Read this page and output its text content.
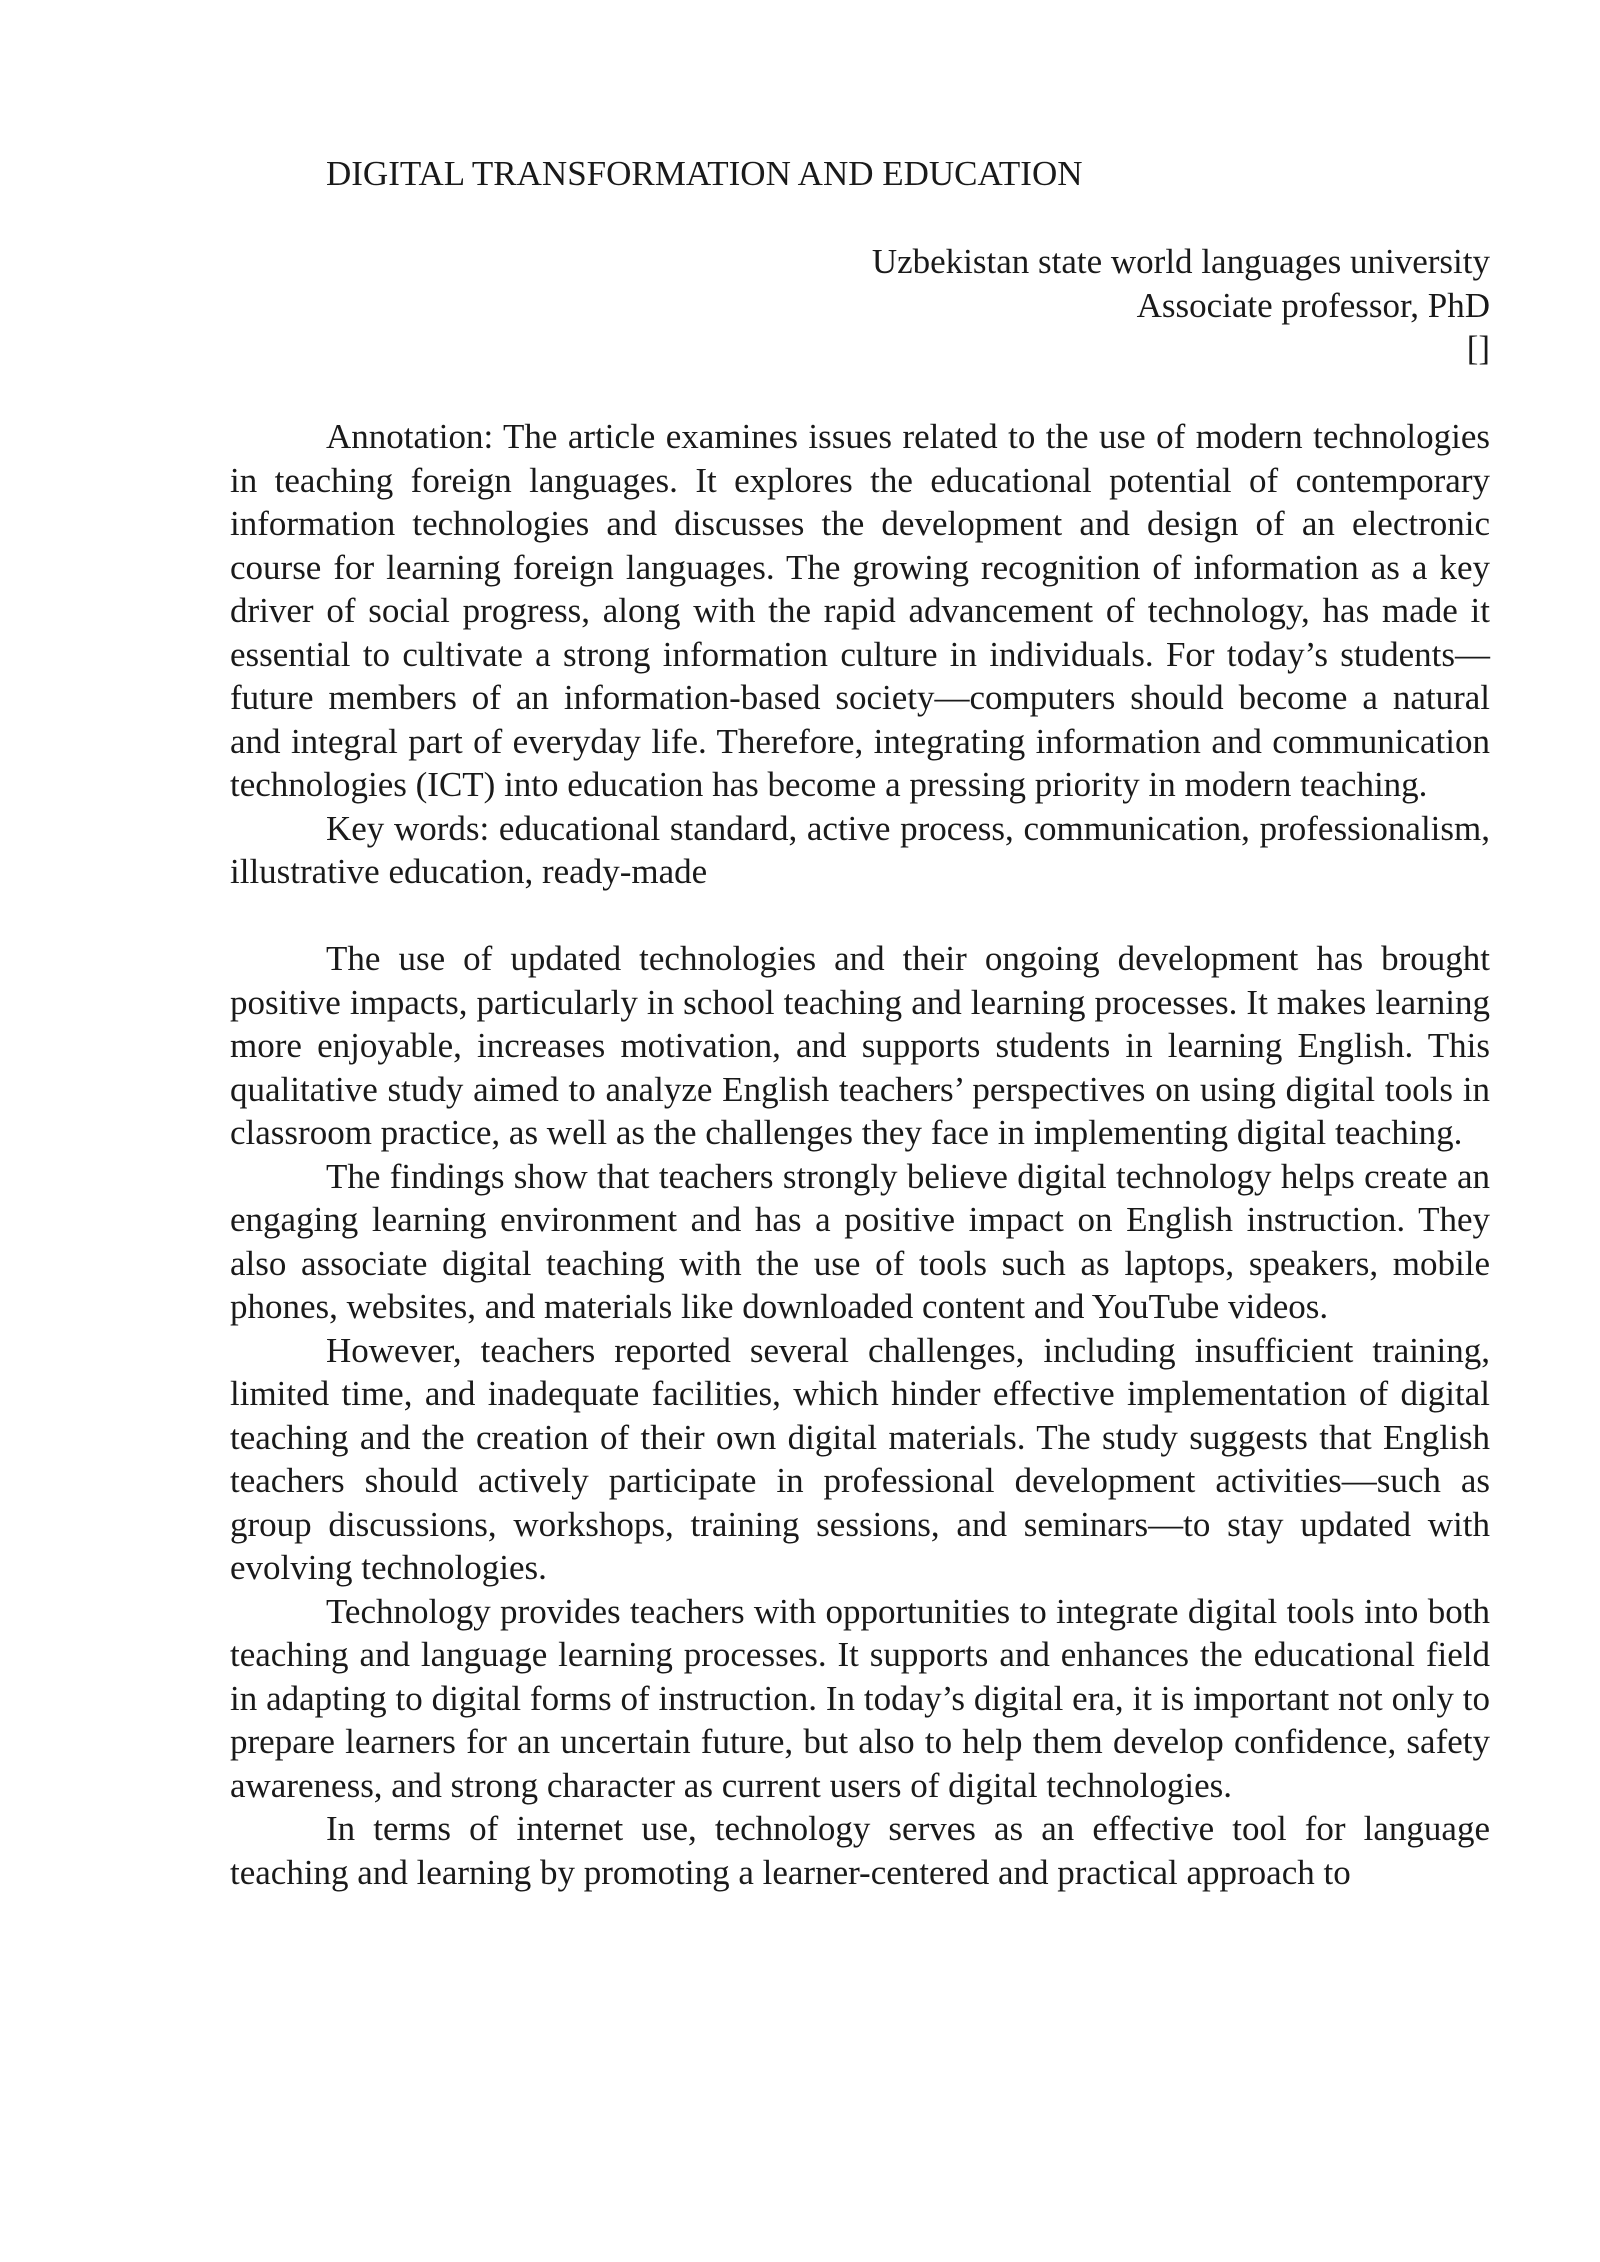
DIGITAL TRANSFORMATION AND EDUCATION
Uzbekistan state world languages university
Associate professor, PhD
[]

Annotation: The article examines issues related to the use of modern technologies in teaching foreign languages. It explores the educational potential of contemporary information technologies and discusses the development and design of an electronic course for learning foreign languages. The growing recognition of information as a key driver of social progress, along with the rapid advancement of technology, has made it essential to cultivate a strong information culture in individuals. For today’s students—future members of an information-based society—computers should become a natural and integral part of everyday life. Therefore, integrating information and communication technologies (ICT) into education has become a pressing priority in modern teaching.

Key words: educational standard, active process, communication, professionalism, illustrative education, ready-made

The use of updated technologies and their ongoing development has brought positive impacts, particularly in school teaching and learning processes. It makes learning more enjoyable, increases motivation, and supports students in learning English. This qualitative study aimed to analyze English teachers’ perspectives on using digital tools in classroom practice, as well as the challenges they face in implementing digital teaching.

The findings show that teachers strongly believe digital technology helps create an engaging learning environment and has a positive impact on English instruction. They also associate digital teaching with the use of tools such as laptops, speakers, mobile phones, websites, and materials like downloaded content and YouTube videos.

However, teachers reported several challenges, including insufficient training, limited time, and inadequate facilities, which hinder effective implementation of digital teaching and the creation of their own digital materials. The study suggests that English teachers should actively participate in professional development activities—such as group discussions, workshops, training sessions, and seminars—to stay updated with evolving technologies.

Technology provides teachers with opportunities to integrate digital tools into both teaching and language learning processes. It supports and enhances the educational field in adapting to digital forms of instruction. In today’s digital era, it is important not only to prepare learners for an uncertain future, but also to help them develop confidence, safety awareness, and strong character as current users of digital technologies.

In terms of internet use, technology serves as an effective tool for language teaching and learning by promoting a learner-centered and practical approach to
